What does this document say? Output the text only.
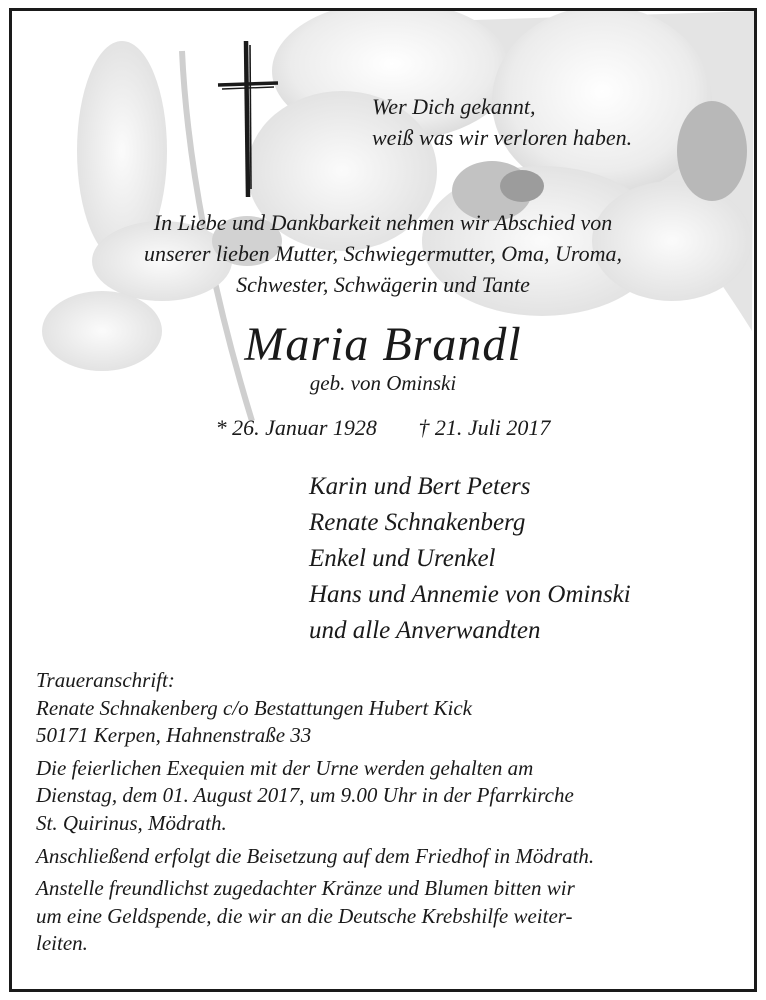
Wer Dich gekannt,
weiß was wir verloren haben.
In Liebe und Dankbarkeit nehmen wir Abschied von
unserer lieben Mutter, Schwiegermutter, Oma, Uroma,
Schwester, Schwägerin und Tante
Maria Brandl
geb. von Ominski
* 26. Januar 1928 † 21. Juli 2017
Karin und Bert Peters
Renate Schnakenberg
Enkel und Urenkel
Hans und Annemie von Ominski
und alle Anverwandten
Traueranschrift:
Renate Schnakenberg c/o Bestattungen Hubert Kick
50171 Kerpen, Hahnenstraße 33
Die feierlichen Exequien mit der Urne werden gehalten am
Dienstag, dem 01. August 2017, um 9.00 Uhr in der Pfarrkirche
St. Quirinus, Mödrath.
Anschließend erfolgt die Beisetzung auf dem Friedhof in Mödrath.
Anstelle freundlichst zugedachter Kränze und Blumen bitten wir
um eine Geldspende, die wir an die Deutsche Krebshilfe weiter-
leiten.
